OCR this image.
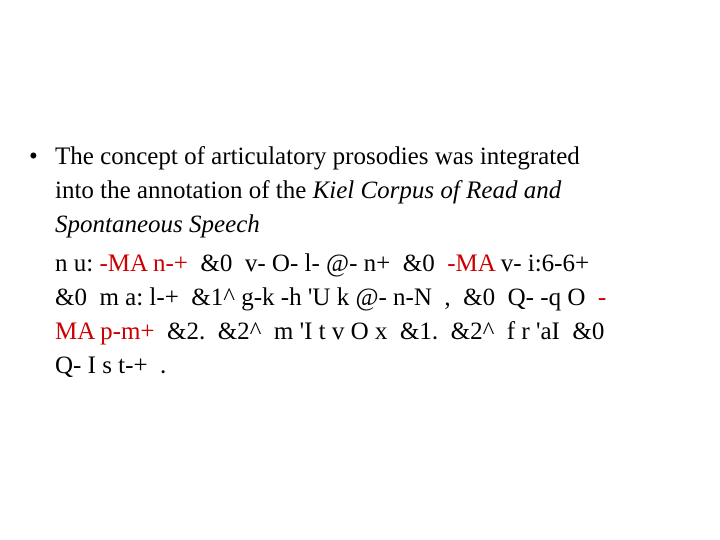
• The concept of articulatory prosodies was integrated
into the annotation of the Kiel Corpus of Read and
Spontaneous Speech
n u: -MA n-+  &0  v- O- l- @- n+  &0  -MA v- i:6-6+
&0  m a: l-+  &1^ g-k -h 'U k @- n-N  ,  &0  Q- -q O  -
MA p-m+  &2.  &2^  m 'I t v O x  &1.  &2^  f r 'aI  &0
Q- I s t-+  .
